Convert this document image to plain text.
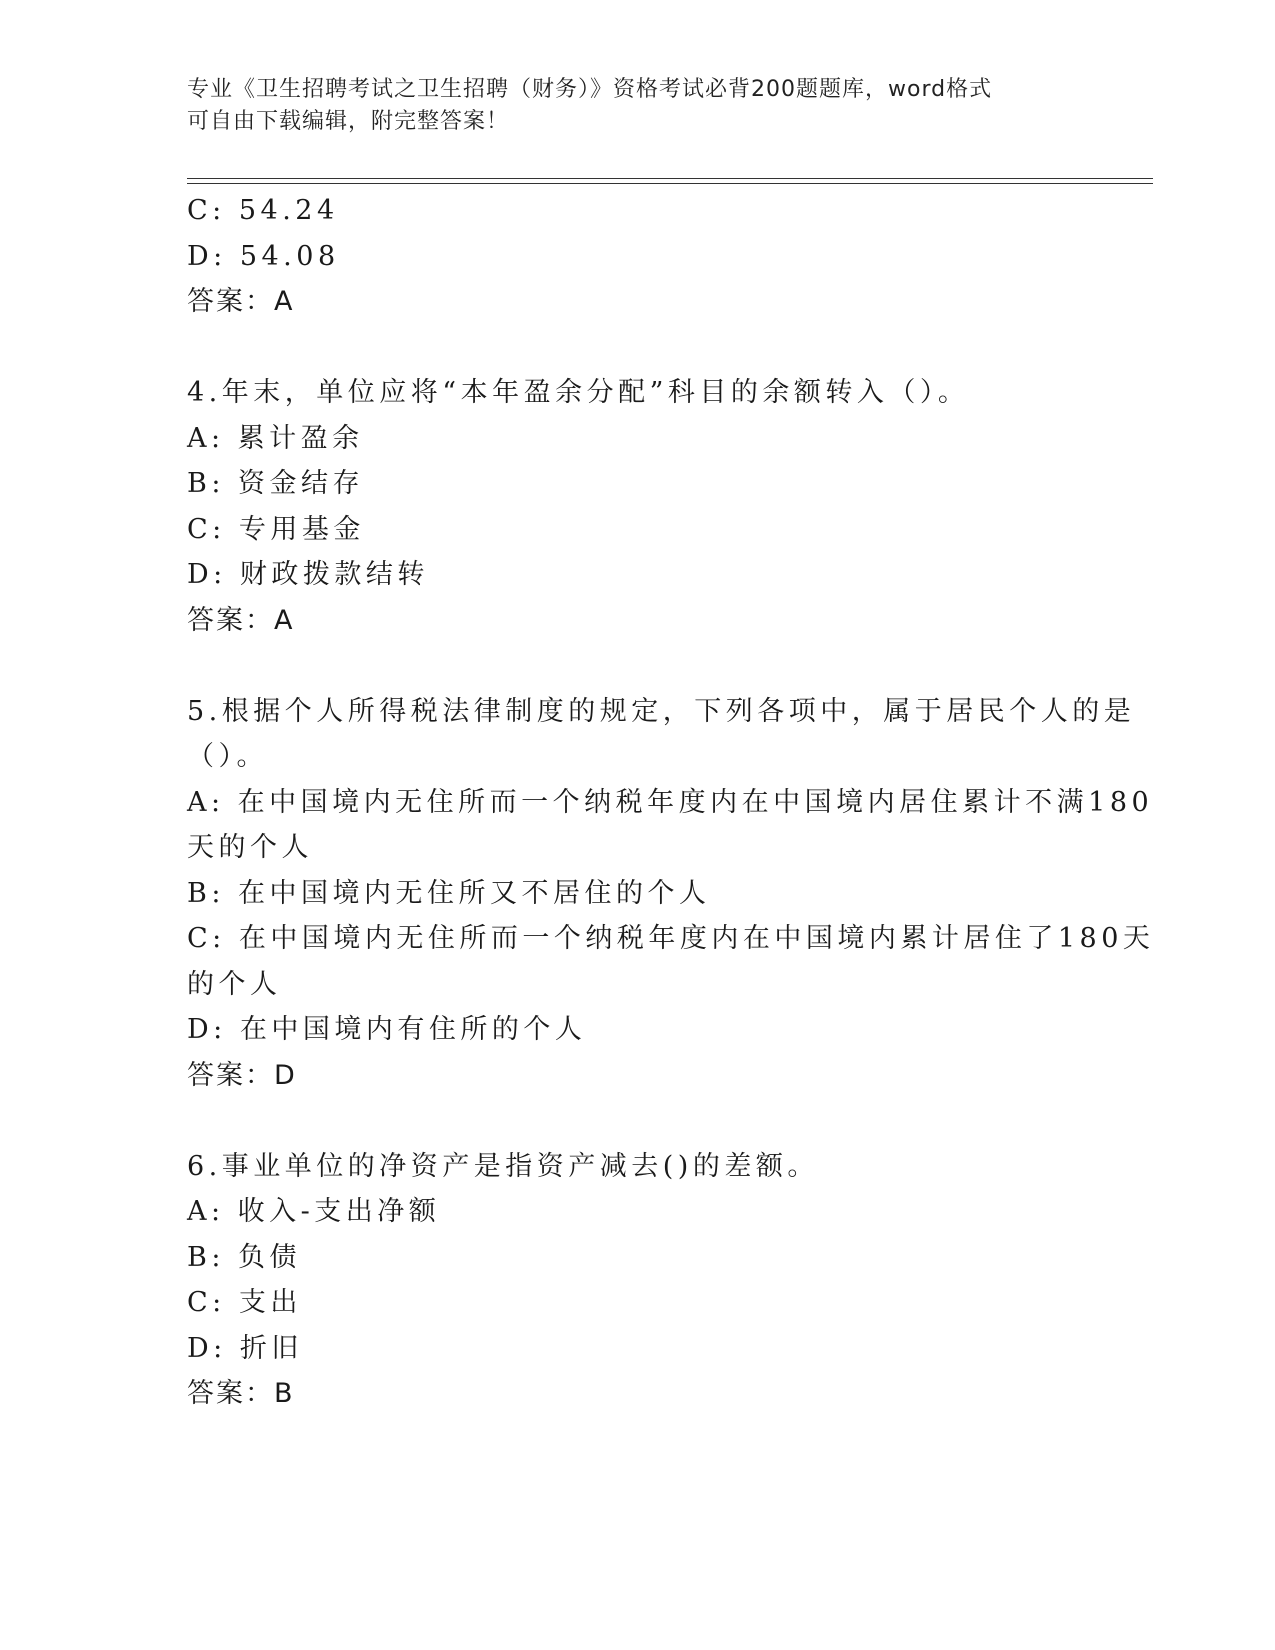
专业《卫生招聘考试之卫生招聘（财务）》资格考试必背200题题库，word格式
可自由下载编辑，附完整答案！
C: 54.24
D: 54.08
答案：A
4.年末，单位应将“本年盈余分配”科目的余额转入（）。
A: 累计盈余
B: 资金结存
C: 专用基金
D: 财政拨款结转
答案：A
5.根据个人所得税法律制度的规定，下列各项中，属于居民个人的是
（）。
A: 在中国境内无住所而一个纳税年度内在中国境内居住累计不满180
天的个人
B: 在中国境内无住所又不居住的个人
C: 在中国境内无住所而一个纳税年度内在中国境内累计居住了180天
的个人
D: 在中国境内有住所的个人
答案：D
6.事业单位的净资产是指资产减去()的差额。
A: 收入-支出净额
B: 负债
C: 支出
D: 折旧
答案：B
